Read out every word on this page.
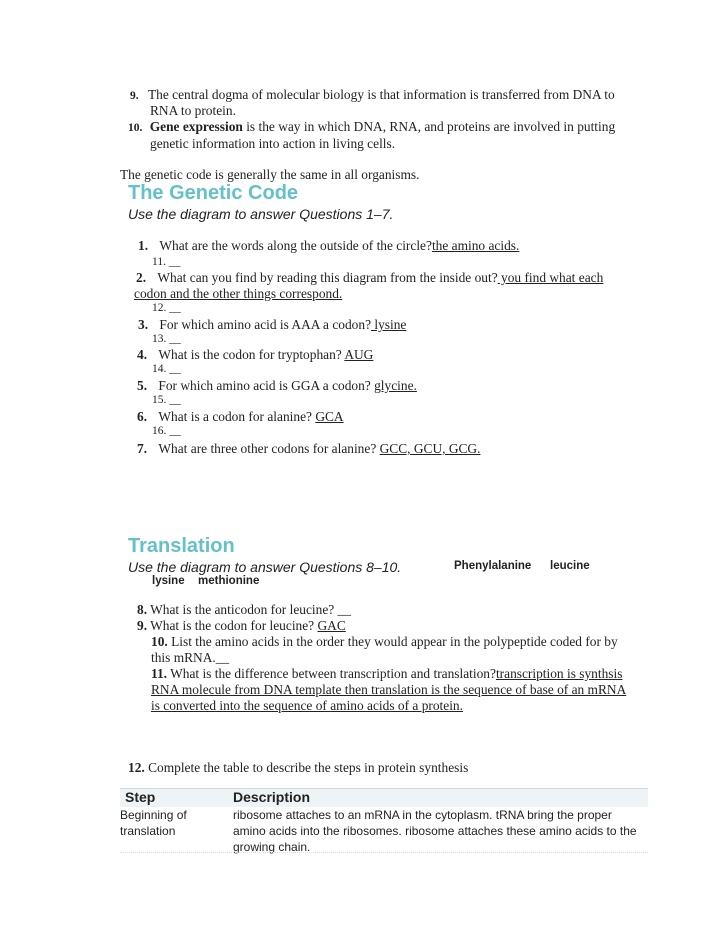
9. The central dogma of molecular biology is that information is transferred from DNA to
RNA to protein.
10. Gene expression is the way in which DNA, RNA, and proteins are involved in putting
genetic information into action in living cells.
The genetic code is generally the same in all organisms.
The Genetic Code
Use the diagram to answer Questions 1–7.
1. What are the words along the outside of the circle?the amino acids.
11. __
2. What can you find by reading this diagram from the inside out? you find what each
codon and the other things correspond.
12. __
3. For which amino acid is AAA a codon? lysine
13. __
4. What is the codon for tryptophan? AUG
14. __
5. For which amino acid is GGA a codon? glycine.
15. __
6. What is a codon for alanine? GCA
16. __
7. What are three other codons for alanine? GCC, GCU, GCG.
Translation
Use the diagram to answer Questions 8–10.	Phenylalanine leucine
lysine methionine
8. What is the anticodon for leucine? __
9. What is the codon for leucine? GAC
10. List the amino acids in the order they would appear in the polypeptide coded for by
this mRNA.__
11. What is the difference between transcription and translation?transcription is synthsis
RNA molecule from DNA template then translation is the sequence of base of an mRNA
is converted into the sequence of amino acids of a protein.
12. Complete the table to describe the steps in protein synthesis
Step	Description
Beginning of
translation
ribosome attaches to an mRNA in the cytoplasm. tRNA bring the proper
amino acids into the ribosomes. ribosome attaches these amino acids to the
growing chain.
